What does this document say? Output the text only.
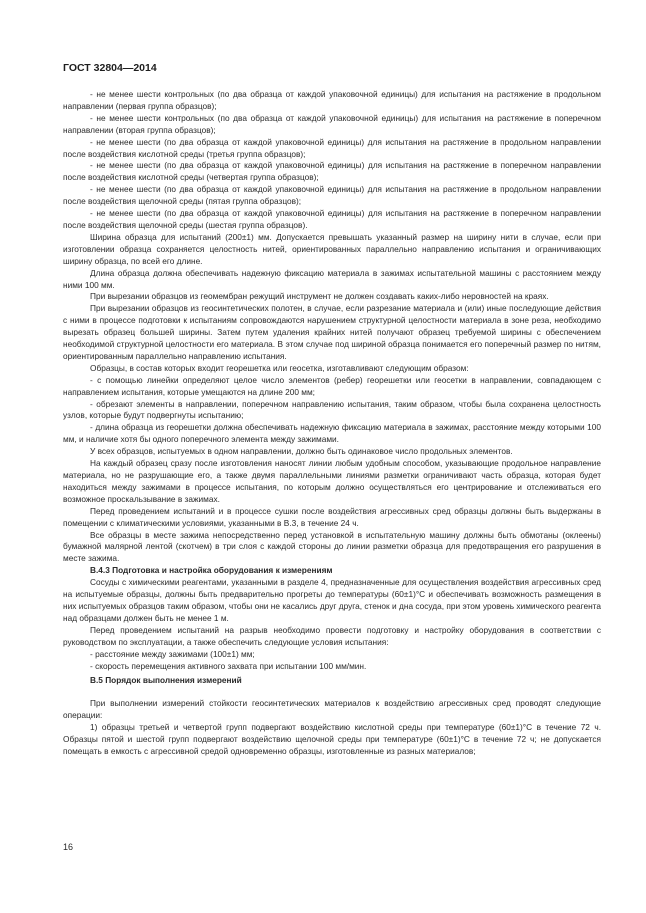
ГОСТ 32804—2014

- не менее шести контрольных (по два образца от каждой упаковочной единицы) для испытания на растяжение в продольном направлении (первая группа образцов);

- не менее шести контрольных (по два образца от каждой упаковочной единицы) для испытания на растяжение в поперечном направлении (вторая группа образцов);

- не менее шести (по два образца от каждой упаковочной единицы) для испытания на растяжение в продольном направлении после воздействия кислотной среды (третья группа образцов);

- не менее шести (по два образца от каждой упаковочной единицы) для испытания на растяжение в поперечном направлении после воздействия кислотной среды (четвертая группа образцов);

- не менее шести (по два образца от каждой упаковочной единицы) для испытания на растяжение в продольном направлении после воздействия щелочной среды (пятая группа образцов);

- не менее шести (по два образца от каждой упаковочной единицы) для испытания на растяжение в поперечном направлении после воздействия щелочной среды (шестая группа образцов).

Ширина образца для испытаний (200±1) мм. Допускается превышать указанный размер на ширину нити в случае, если при изготовлении образца сохраняется целостность нитей, ориентированных параллельно направлению испытания и ограничивающих ширину образца, по всей его длине.

Длина образца должна обеспечивать надежную фиксацию материала в зажимах испытательной машины с расстоянием между ними 100 мм.

При вырезании образцов из геомембран режущий инструмент не должен создавать каких-либо неровностей на краях.

При вырезании образцов из геосинтетических полотен, в случае, если разрезание материала и (или) иные последующие действия с ними в процессе подготовки к испытаниям сопровождаются нарушением структурной целостности материала в зоне реза, необходимо вырезать образец большей ширины. Затем путем удаления крайних нитей получают образец требуемой ширины с обеспечением необходимой структурной целостности его материала. В этом случае под шириной образца понимается его поперечный размер по нитям, ориентированным параллельно направлению испытания.

Образцы, в состав которых входит георешетка или геосетка, изготавливают следующим образом:

- с помощью линейки определяют целое число элементов (ребер) георешетки или геосетки в направлении, совпадающем с направлением испытания, которые умещаются на длине 200 мм;

- обрезают элементы в направлении, поперечном направлению испытания, таким образом, чтобы была сохранена целостность узлов, которые будут подвергнуты испытанию;

- длина образца из георешетки должна обеспечивать надежную фиксацию материала в зажимах, расстояние между которыми 100 мм, и наличие хотя бы одного поперечного элемента между зажимами.

У всех образцов, испытуемых в одном направлении, должно быть одинаковое число продольных элементов.

На каждый образец сразу после изготовления наносят линии любым удобным способом, указывающие продольное направление материала, но не разрушающие его, а также двумя параллельными линиями разметки ограничивают часть образца, которая будет находиться между зажимами в процессе испытания, по которым должно осуществляться его центрирование и отслеживаться его возможное проскальзывание в зажимах.

Перед проведением испытаний и в процессе сушки после воздействия агрессивных сред образцы должны быть выдержаны в помещении с климатическими условиями, указанными в В.3, в течение 24 ч.

Все образцы в месте зажима непосредственно перед установкой в испытательную машину должны быть обмотаны (оклеены) бумажной малярной лентой (скотчем) в три слоя с каждой стороны до линии разметки образца для предотвращения его разрушения в месте зажима.

В.4.3 Подготовка и настройка оборудования к измерениям

Сосуды с химическими реагентами, указанными в разделе 4, предназначенные для осуществления воздействия агрессивных сред на испытуемые образцы, должны быть предварительно прогреты до температуры (60±1)°С и обеспечивать возможность размещения в них испытуемых образцов таким образом, чтобы они не касались друг друга, стенок и дна сосуда, при этом уровень химического реагента над образцами должен быть не менее 1 м.

Перед проведением испытаний на разрыв необходимо провести подготовку и настройку оборудования в соответствии с руководством по эксплуатации, а также обеспечить следующие условия испытания:

- расстояние между зажимами (100±1) мм;

- скорость перемещения активного захвата при испытании 100 мм/мин.

В.5 Порядок выполнения измерений

При выполнении измерений стойкости геосинтетических материалов к воздействию агрессивных сред проводят следующие операции:

1) образцы третьей и четвертой групп подвергают воздействию кислотной среды при температуре (60±1)°С в течение 72 ч. Образцы пятой и шестой групп подвергают воздействию щелочной среды при температуре (60±1)°С в течение 72 ч; не допускается помещать в емкость с агрессивной средой одновременно образцы, изготовленные из разных материалов;

16
